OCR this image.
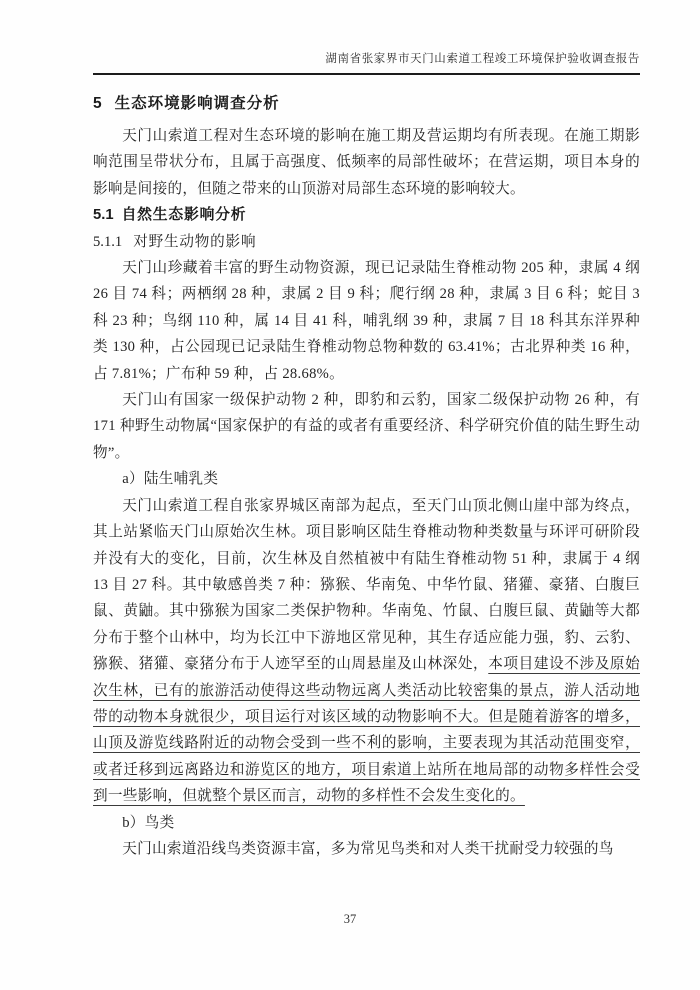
湖南省张家界市天门山索道工程竣工环境保护验收调查报告
5 生态环境影响调查分析

天门山索道工程对生态环境的影响在施工期及营运期均有所表现。在施工期影响范围呈带状分布，且属于高强度、低频率的局部性破坏；在营运期，项目本身的影响是间接的，但随之带来的山顶游对局部生态环境的影响较大。

5.1 自然生态影响分析
5.1.1 对野生动物的影响

天门山珍藏着丰富的野生动物资源，现已记录陆生脊椎动物 205 种，隶属 4 纲 26 目 74 科；两栖纲 28 种，隶属 2 目 9 科；爬行纲 28 种，隶属 3 目 6 科；蛇目 3 科 23 种；鸟纲 110 种，属 14 目 41 科，哺乳纲 39 种，隶属 7 目 18 科其东洋界种类 130 种，占公园现已记录陆生脊椎动物总物种数的 63.41%；古北界种类 16 种，占 7.81%；广布种 59 种，占 28.68%。

天门山有国家一级保护动物 2 种，即豹和云豹，国家二级保护动物 26 种，有 171 种野生动物属“国家保护的有益的或者有重要经济、科学研究价值的陆生野生动物”。

a）陆生哺乳类

天门山索道工程自张家界城区南部为起点，至天门山顶北侧山崖中部为终点，其上站紧临天门山原始次生林。项目影响区陆生脊椎动物种类数量与环评可研阶段并没有大的变化，目前，次生林及自然植被中有陆生脊椎动物 51 种，隶属于 4 纲 13 目 27 科。其中敏感兽类 7 种：猕猴、华南兔、中华竹鼠、猪獾、豪猪、白腹巨鼠、黄鼬。其中猕猴为国家二类保护物种。华南兔、竹鼠、白腹巨鼠、黄鼬等大都分布于整个山林中，均为长江中下游地区常见种，其生存适应能力强，豹、云豹、猕猴、猪獾、豪猪分布于人迹罕至的山周悬崖及山林深处，本项目建设不涉及原始次生林，已有的旅游活动使得这些动物远离人类活动比较密集的景点，游人活动地带的动物本身就很少，项目运行对该区域的动物影响不大。但是随着游客的增多，山顶及游览线路附近的动物会受到一些不利的影响，主要表现为其活动范围变窄，或者迁移到远离路边和游览区的地方，项目索道上站所在地局部的动物多样性会受到一些影响，但就整个景区而言，动物的多样性不会发生变化的。

b）鸟类

天门山索道沿线鸟类资源丰富，多为常见鸟类和对人类干扰耐受力较强的鸟

37
